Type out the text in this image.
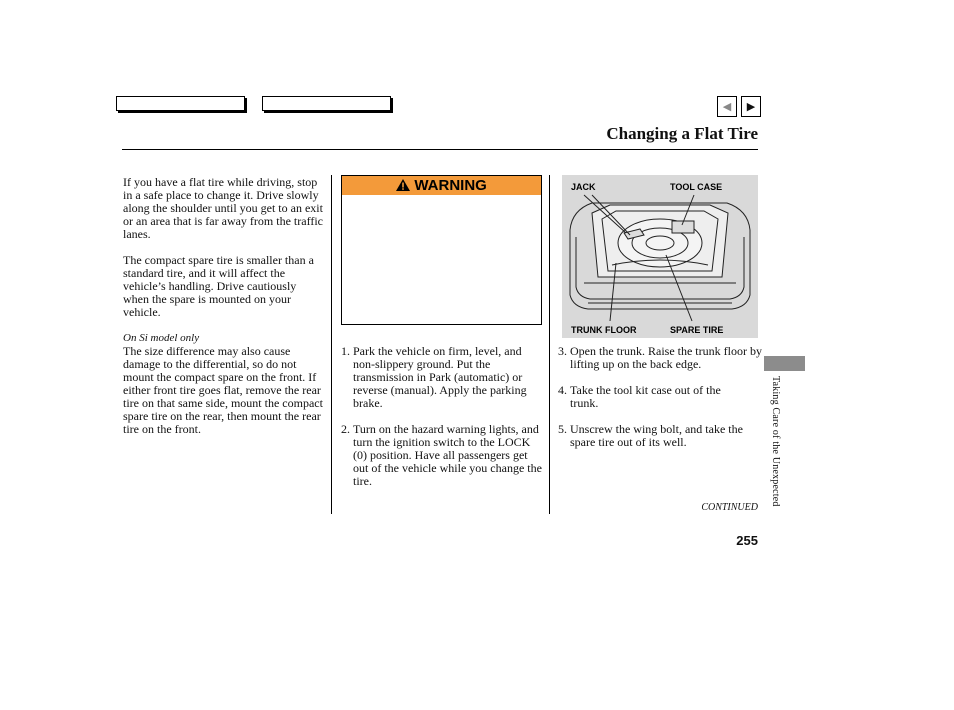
◀	▶
Changing a Flat Tire

If you have a flat tire while driving, stop in a safe place to change it. Drive slowly along the shoulder until you get to an exit or an area that is far away from the traffic lanes.

The compact spare tire is smaller than a standard tire, and it will affect the vehicle’s handling. Drive cautiously when the spare is mounted on your vehicle.

On Si model only

The size difference may also cause damage to the differential, so do not mount the compact spare on the front. If either front tire goes flat, remove the rear tire on that same side, mount the compact spare tire on the rear, then mount the rear tire on the front.

WARNING
1. Park the vehicle on firm, level, and non-slippery ground. Put the transmission in Park (automatic) or reverse (manual). Apply the parking brake.
2. Turn on the hazard warning lights, and turn the ignition switch to the LOCK (0) position. Have all passengers get out of the vehicle while you change the tire.
JACK	TOOL CASE
TRUNK FLOOR	SPARE TIRE
3. Open the trunk. Raise the trunk floor by lifting up on the back edge.
4. Take the tool kit case out of the trunk.
5. Unscrew the wing bolt, and take the spare tire out of its well.	Taking Care of the Unexpected
CONTINUED
255
